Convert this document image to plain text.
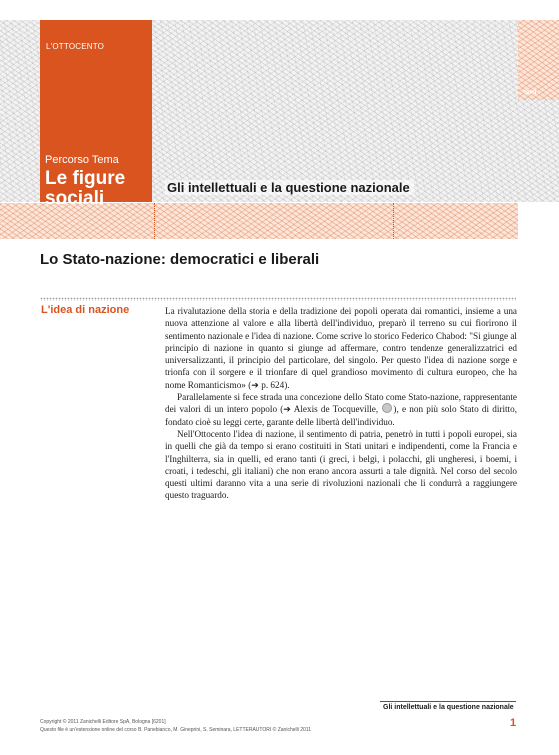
temi
L'OTTOCENTO
Percorso Tema
Le figure
sociali
Gli intellettuali e la questione nazionale
Lo Stato-nazione: democratici e liberali
L'idea di nazione	La rivalutazione della storia e della tradizione dei popoli operata dai romantici, insieme a una nuova attenzione al valore e alla libertà dell'individuo, preparò il terreno su cui fiorirono il sentimento nazionale e l'idea di nazione. Come scrive lo storico Federico Chabod: "Si giunge al principio di nazione in quanto si giunge ad affermare, contro tendenze generalizzatrici ed universalizzanti, il principio del particolare, del singolo. Per questo l'idea di nazione sorge e trionfa con il sorgere e il trionfare di quel grandioso movimento di cultura europeo, che ha nome Romanticismo» (➔ p. 624).

Parallelamente si fece strada una concezione dello Stato come Stato-nazione, rappresentante dei valori di un intero popolo (➔ Alexis de Tocqueville, ), e non più solo Stato di diritto, fondato cioè su leggi certe, garante delle libertà dell'individuo.

Nell'Ottocento l'idea di nazione, il sentimento di patria, penetrò in tutti i popoli europei, sia in quelli che già da tempo si erano costituiti in Stati unitari e indipendenti, come la Francia e l'Inghilterra, sia in quelli, ed erano tanti (i greci, i belgi, i polacchi, gli ungheresi, i boemi, i croati, i tedeschi, gli italiani) che non erano ancora assurti a tale dignità. Nel corso del secolo questi ultimi daranno vita a una serie di rivoluzioni nazionali che li condurrà a raggiungere questo traguardo.

Gli intellettuali e la questione nazionale
1
Copyright © 2011 Zanichelli Editore SpA, Bologna [6201]
Questo file è un'estensione online del corso B. Panebianco, M. Gineprini, S. Seminara, LETTERAUTORI © Zanichelli 2011
